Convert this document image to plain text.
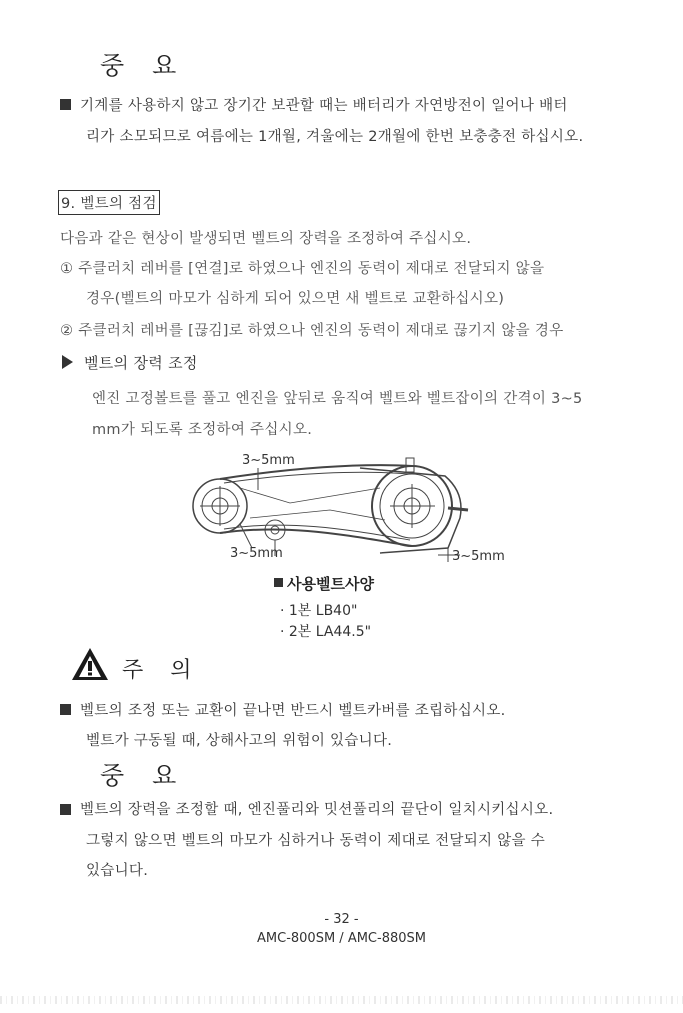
중 요
기계를 사용하지 않고 장기간 보관할 때는 배터리가 자연방전이 일어나 배터
리가 소모되므로 여름에는 1개월, 겨울에는 2개월에 한번 보충충전 하십시오.
9. 벨트의 점검
다음과 같은 현상이 발생되면 벨트의 장력을 조정하여 주십시오.
① 주클러치 레버를 [연결]로 하였으나 엔진의 동력이 제대로 전달되지 않을
경우(벨트의 마모가 심하게 되어 있으면 새 벨트로 교환하십시오)
② 주클러치 레버를 [끊김]로 하였으나 엔진의 동력이 제대로 끊기지 않을 경우
벨트의 장력 조정
엔진 고정볼트를 풀고 엔진을 앞뒤로 움직여 벨트와 벨트잡이의 간격이 3~5
mm가 되도록 조정하여 주십시오.
3~5mm
3~5mm	3~5mm
사용벨트사양
· 1본 LB40"
· 2본 LA44.5"
주 의
벨트의 조정 또는 교환이 끝나면 반드시 벨트카버를 조립하십시오.
벨트가 구동될 때, 상해사고의 위험이 있습니다.
중 요
벨트의 장력을 조정할 때, 엔진풀리와 밋션풀리의 끝단이 일치시키십시오.
그렇지 않으면 벨트의 마모가 심하거나 동력이 제대로 전달되지 않을 수
있습니다.
- 32 -
AMC-800SM / AMC-880SM
